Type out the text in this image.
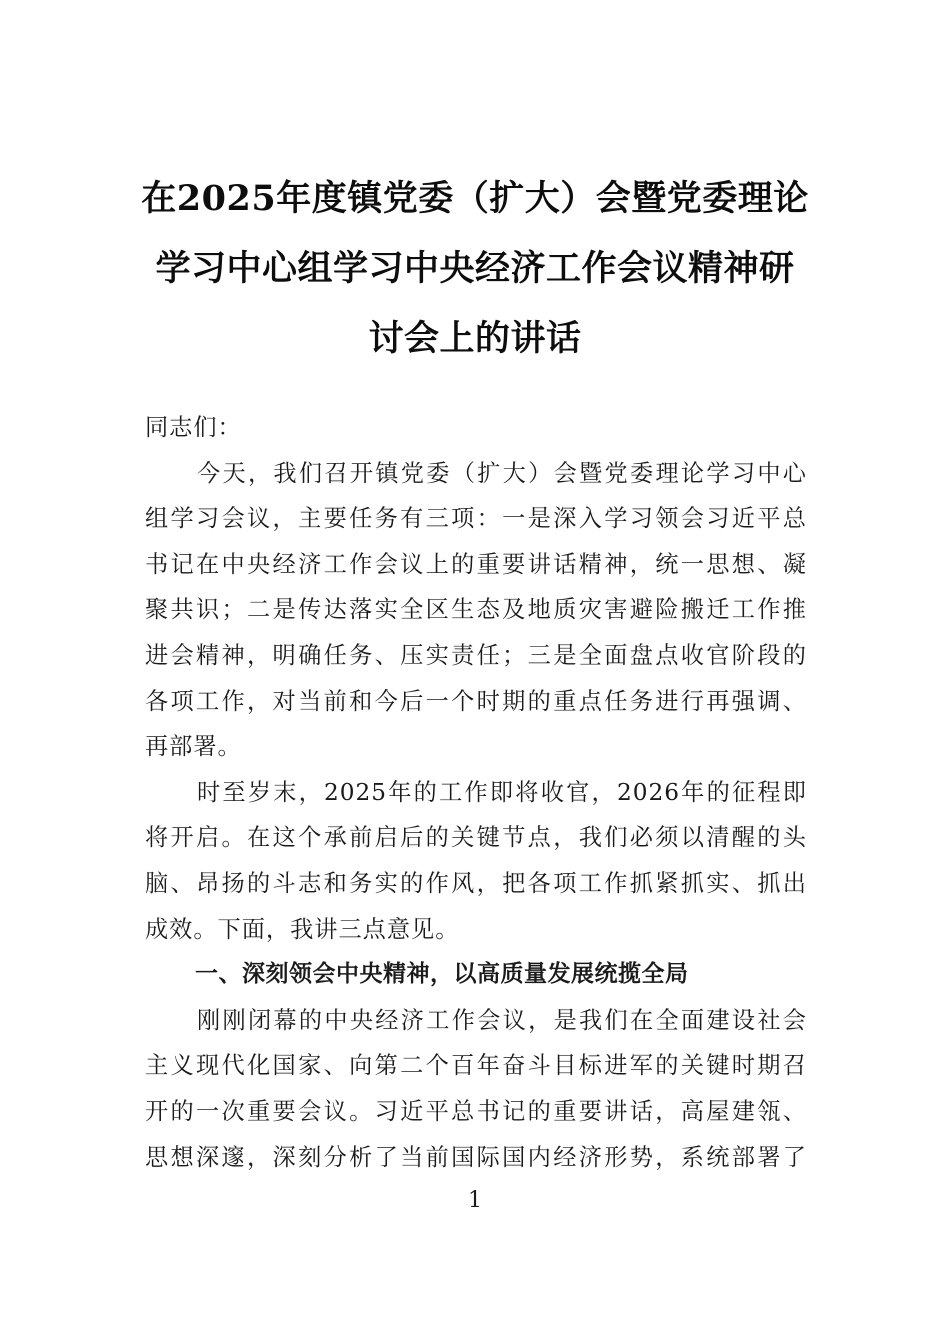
在2025年度镇党委（扩大）会暨党委理论
学习中心组学习中央经济工作会议精神研
讨会上的讲话
同志们：
今天，我们召开镇党委（扩大）会暨党委理论学习中心
组学习会议，主要任务有三项：一是深入学习领会习近平总
书记在中央经济工作会议上的重要讲话精神，统一思想、凝
聚共识；二是传达落实全区生态及地质灾害避险搬迁工作推
进会精神，明确任务、压实责任；三是全面盘点收官阶段的
各项工作，对当前和今后一个时期的重点任务进行再强调、
再部署。
时至岁末，2025年的工作即将收官，2026年的征程即
将开启。在这个承前启后的关键节点，我们必须以清醒的头
脑、昂扬的斗志和务实的作风，把各项工作抓紧抓实、抓出
成效。下面，我讲三点意见。
一、深刻领会中央精神，以高质量发展统揽全局
刚刚闭幕的中央经济工作会议，是我们在全面建设社会
主义现代化国家、向第二个百年奋斗目标进军的关键时期召
开的一次重要会议。习近平总书记的重要讲话，高屋建瓴、
思想深邃，深刻分析了当前国际国内经济形势，系统部署了
1
